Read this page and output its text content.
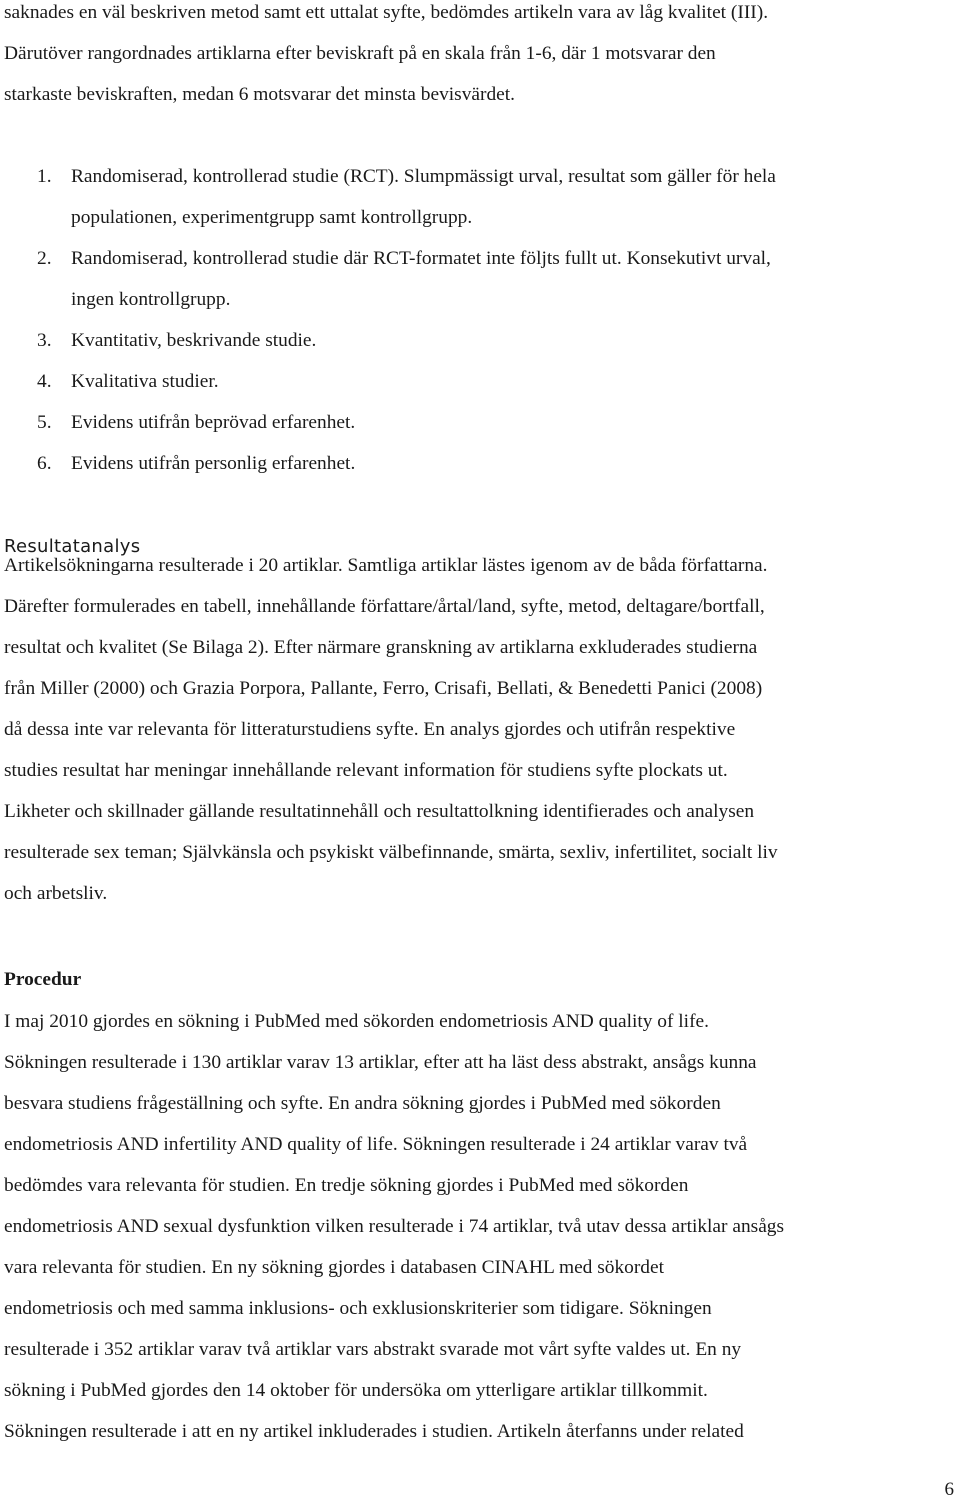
saknades en väl beskriven metod samt ett uttalat syfte, bedömdes artikeln vara av låg kvalitet (III).

Därutöver rangordnades artiklarna efter beviskraft på en skala från 1-6, där 1 motsvarar den

starkaste beviskraften, medan 6 motsvarar det minsta bevisvärdet.

1. Randomiserad, kontrollerad studie (RCT). Slumpmässigt urval, resultat som gäller för hela
populationen, experimentgrupp samt kontrollgrupp.
2. Randomiserad, kontrollerad studie där RCT-formatet inte följts fullt ut. Konsekutivt urval,
ingen kontrollgrupp.
3. Kvantitativ, beskrivande studie.
4. Kvalitativa studier.
5. Evidens utifrån beprövad erfarenhet.
6. Evidens utifrån personlig erfarenhet.
Resultatanalys

Artikelsökningarna resulterade i 20 artiklar. Samtliga artiklar lästes igenom av de båda författarna.

Därefter formulerades en tabell, innehållande författare/årtal/land, syfte, metod, deltagare/bortfall,

resultat och kvalitet (Se Bilaga 2). Efter närmare granskning av artiklarna exkluderades studierna

från Miller (2000) och Grazia Porpora, Pallante, Ferro, Crisafi, Bellati, & Benedetti Panici (2008)

då dessa inte var relevanta för litteraturstudiens syfte. En analys gjordes och utifrån respektive

studies resultat har meningar innehållande relevant information för studiens syfte plockats ut.

Likheter och skillnader gällande resultatinnehåll och resultattolkning identifierades och analysen

resulterade sex teman; Självkänsla och psykiskt välbefinnande, smärta, sexliv, infertilitet, socialt liv

och arbetsliv.

Procedur

I maj 2010 gjordes en sökning i PubMed med sökorden endometriosis AND quality of life.

Sökningen resulterade i 130 artiklar varav 13 artiklar, efter att ha läst dess abstrakt, ansågs kunna

besvara studiens frågeställning och syfte. En andra sökning gjordes i PubMed med sökorden

endometriosis AND infertility AND quality of life. Sökningen resulterade i 24 artiklar varav två

bedömdes vara relevanta för studien. En tredje sökning gjordes i PubMed med sökorden

endometriosis AND sexual dysfunktion vilken resulterade i 74 artiklar, två utav dessa artiklar ansågs

vara relevanta för studien. En ny sökning gjordes i databasen CINAHL med sökordet

endometriosis och med samma inklusions- och exklusionskriterier som tidigare. Sökningen

resulterade i 352 artiklar varav två artiklar vars abstrakt svarade mot vårt syfte valdes ut. En ny

sökning i PubMed gjordes den 14 oktober för undersöka om ytterligare artiklar tillkommit.

Sökningen resulterade i att en ny artikel inkluderades i studien. Artikeln återfanns under related

6
